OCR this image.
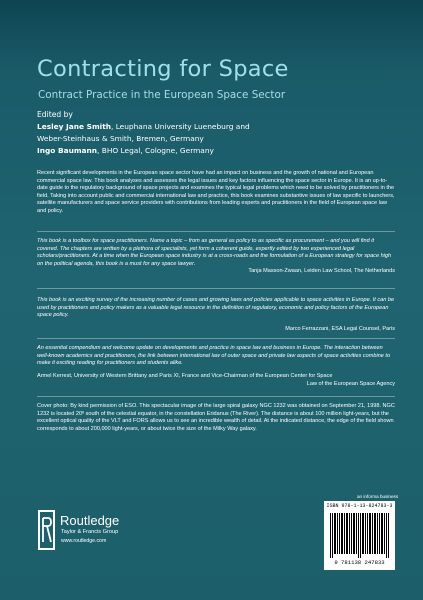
Contracting for Space
Contract Practice in the European Space Sector
Edited by
Lesley Jane Smith, Leuphana University Lueneburg and
Weber-Steinhaus & Smith, Bremen, Germany
Ingo Baumann, BHO Legal, Cologne, Germany

Recent significant developments in the European space sector have had an impact on business and the growth of national and European commercial space law. This book analyses and assesses the legal issues and key factors influencing the space sector in Europe. It is an up-to-date guide to the regulatory background of space projects and examines the typical legal problems which need to be solved by practitioners in the field. Taking into account public and commercial international law and practice, this book examines substantive issues of law specific to launchers, satellite manufacturers and space service providers with contributions from leading experts and practitioners in the field of European space law and policy.

This book is a toolbox for space practitioners. Name a topic – from as general as policy to as specific as procurement – and you will find it covered. The chapters are written by a plethora of specialists, yet form a coherent guide, expertly edited by two experienced legal scholars/practitioners. At a time when the European space industry is at a cross-roads and the formulation of a European strategy for space high on the political agenda, this book is a must for any space lawyer.

Tanja Masson-Zwaan, Leiden Law School, The Netherlands

This book is an exciting survey of the increasing number of cases and growing laws and policies applicable to space activities in Europe. It can be used by practitioners and policy makers as a valuable legal resource in the definition of regulatory, economic and policy factors of the European space policy.

Marco Ferrazzani, ESA Legal Counsel, Paris

An essential compendium and welcome update on developments and practice in space law and business in Europe. The interaction between well-known academics and practitioners, the link between international law of outer space and private law aspects of space activities combine to make it exciting reading for practitioners and students alike.

Armel Kerrest, University of Western Brittany and Paris XI, France and Vice-Chairman of the European Center for Space
Law of the European Space Agency

Cover photo: By kind permission of ESO. This spectacular image of the large spiral galaxy NGC 1232 was obtained on September 21, 1998. NGC 1232 is located 20º south of the celestial equator, in the constellation Eridanus (The River). The distance is about 100 million light-years, but the excellent optical quality of the VLT and FORS allows us to see an incredible wealth of detail. At the indicated distance, the edge of the field shown corresponds to about 200,000 light-years, or about twice the size of the Milky Way galaxy.

Routledge
Taylor & Francis Group
www.routledge.com
an informa business
ISBN 978-1-13-824783-3
9 781138 247833
